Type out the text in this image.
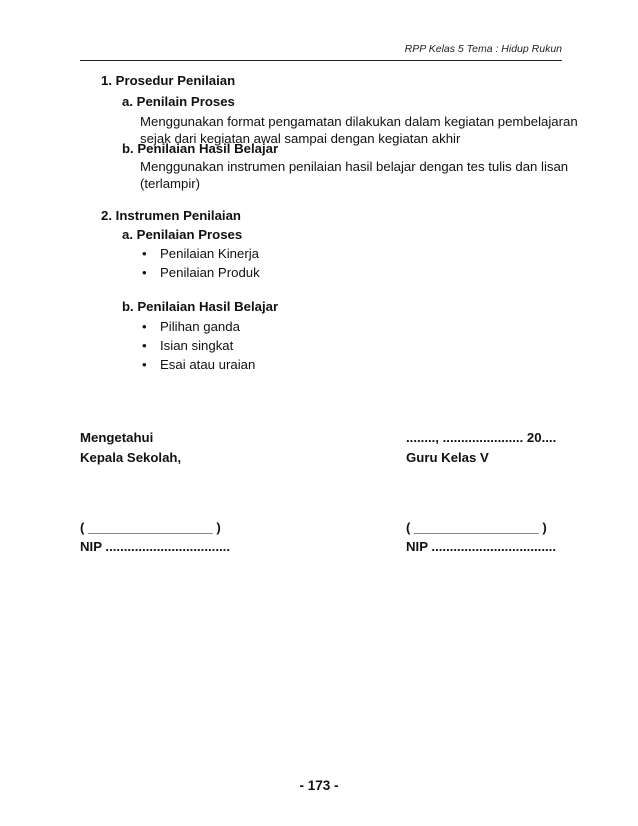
RPP Kelas 5 Tema : Hidup Rukun
1. Prosedur Penilaian
a. Penilain Proses
Menggunakan format pengamatan dilakukan dalam kegiatan pembelajaran
sejak dari kegiatan awal sampai dengan kegiatan akhir
b. Penilaian Hasil Belajar
Menggunakan instrumen penilaian hasil belajar dengan tes tulis dan lisan
(terlampir)
2. Instrumen Penilaian
a. Penilaian Proses
• Penilaian Kinerja
• Penilaian Produk
b. Penilaian Hasil Belajar
• Pilihan ganda
• Isian singkat
• Esai atau uraian
Mengetahui
Kepala Sekolah,
( _________________ )
NIP ..................................
........, ...................... 20....
Guru Kelas V
( _________________ )
NIP ..................................
- 173 -
